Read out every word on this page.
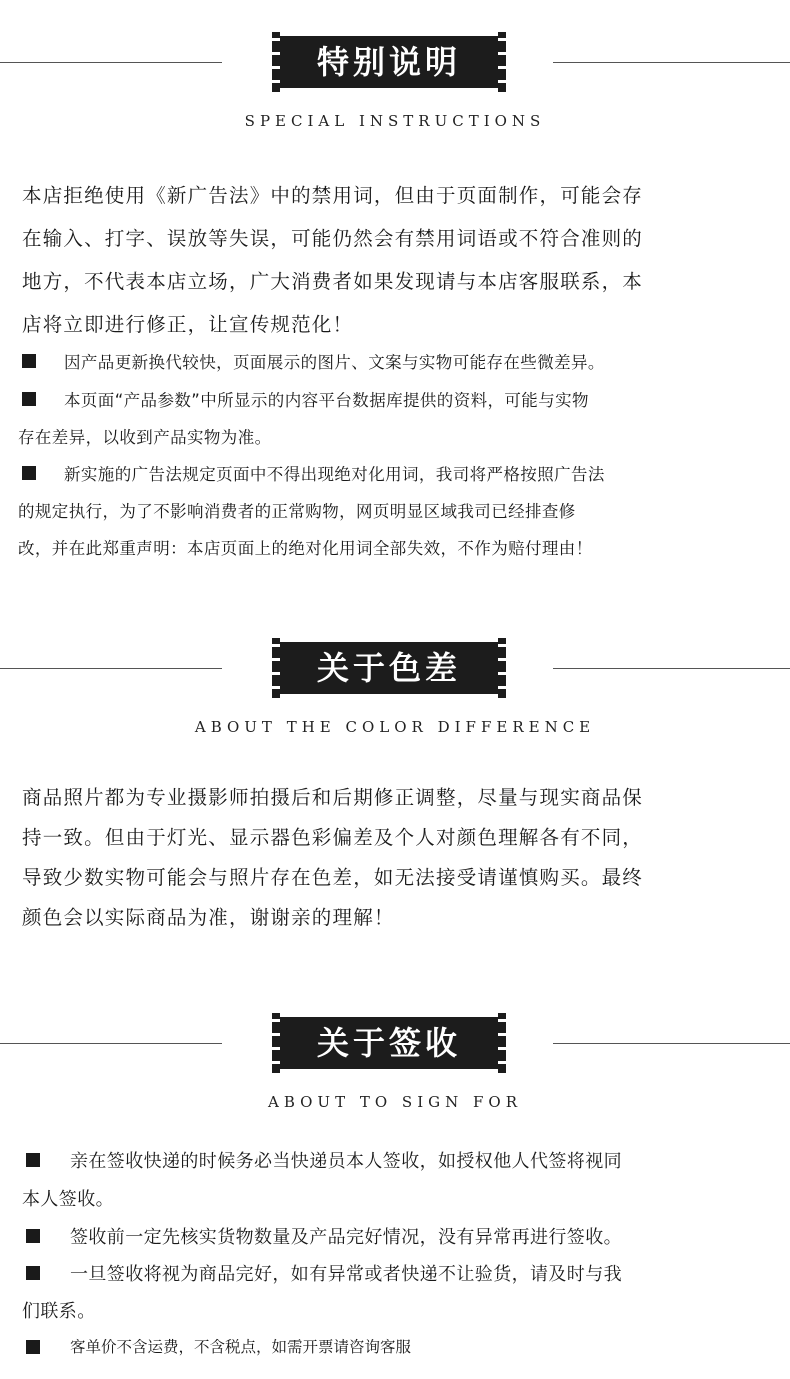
特别说明
SPECIAL INSTRUCTIONS
本店拒绝使用《新广告法》中的禁用词，但由于页面制作，可能会存
在输入、打字、误放等失误，可能仍然会有禁用词语或不符合准则的
地方，不代表本店立场，广大消费者如果发现请与本店客服联系，本
店将立即进行修正，让宣传规范化！
因产品更新换代较快，页面展示的图片、文案与实物可能存在些微差异。
本页面“产品参数”中所显示的内容平台数据库提供的资料，可能与实物
存在差异，以收到产品实物为准。
新实施的广告法规定页面中不得出现绝对化用词，我司将严格按照广告法
的规定执行，为了不影响消费者的正常购物，网页明显区域我司已经排查修
改，并在此郑重声明：本店页面上的绝对化用词全部失效，不作为赔付理由！
关于色差
ABOUT THE COLOR DIFFERENCE
商品照片都为专业摄影师拍摄后和后期修正调整，尽量与现实商品保
持一致。但由于灯光、显示器色彩偏差及个人对颜色理解各有不同，
导致少数实物可能会与照片存在色差，如无法接受请谨慎购买。最终
颜色会以实际商品为准，谢谢亲的理解！
关于签收
ABOUT TO SIGN FOR
亲在签收快递的时候务必当快递员本人签收，如授权他人代签将视同
本人签收。
签收前一定先核实货物数量及产品完好情况，没有异常再进行签收。
一旦签收将视为商品完好，如有异常或者快递不让验货，请及时与我
们联系。
客单价不含运费，不含税点，如需开票请咨询客服
